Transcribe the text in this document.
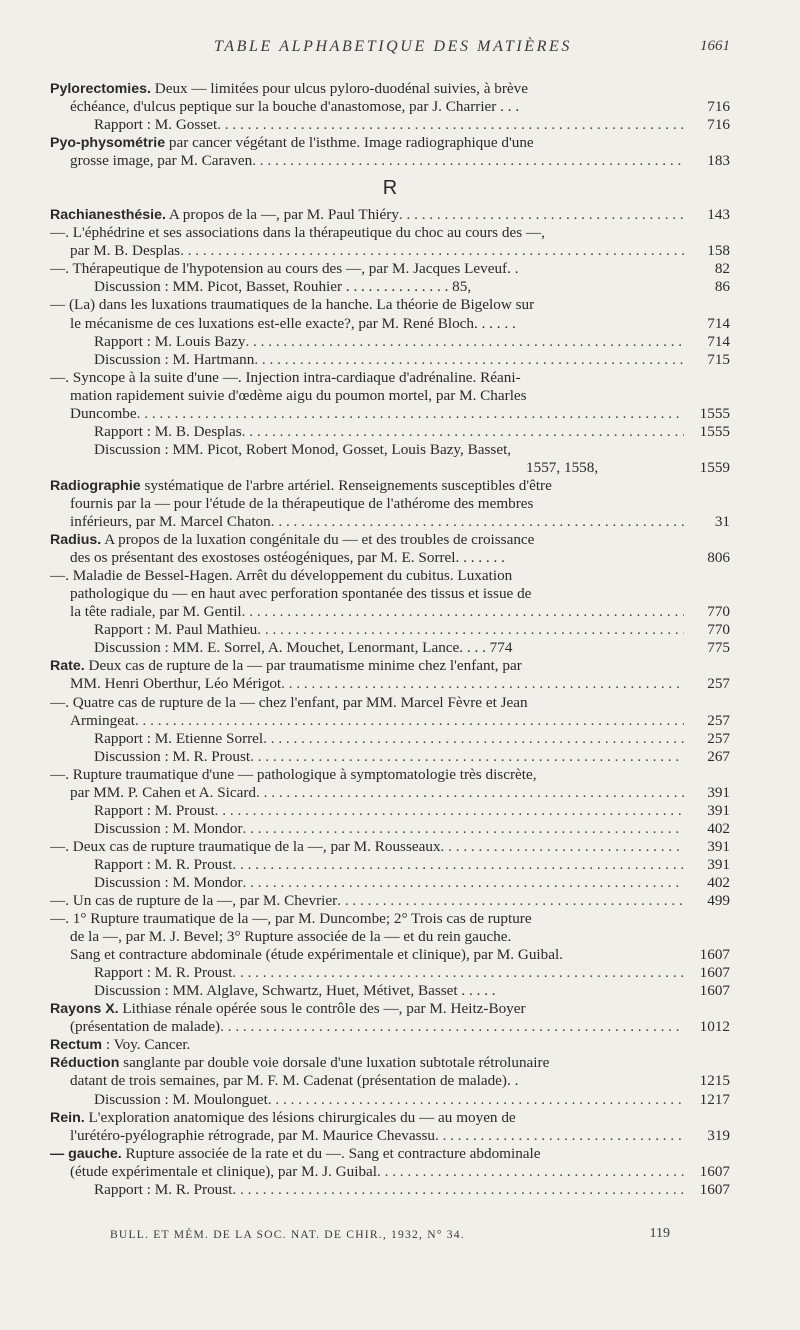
TABLE ALPHABETIQUE DES MATIÈRES	1661
Pylorectomies. Deux — limitées pour ulcus pyloro-duodénal suivies, à brève
échéance, d'ulcus peptique sur la bouche d'anastomose, par J. Charrier . . .	716
Rapport : M. Gosset . . .	716
Pyo-physométrie par cancer végétant de l'isthme. Image radiographique d'une
grosse image, par M. Caraven . . .	183
R
Rachianesthésie. A propos de la —, par M. Paul Thiéry . . .	143
—. L'éphédrine et ses associations dans la thérapeutique du choc au cours des —,
par M. B. Desplas . . .	158
—. Thérapeutique de l'hypotension au cours des —, par M. Jacques Leveuf. .	82
Discussion : MM. Picot, Basset, Rouhier . . . . . . . . . . . . . . 85,	86
— (La) dans les luxations traumatiques de la hanche. La théorie de Bigelow sur
le mécanisme de ces luxations est-elle exacte?, par M. René Bloch. . . . . .	714
Rapport : M. Louis Bazy . . .	714
Discussion : M. Hartmann . . .	715
—. Syncope à la suite d'une —. Injection intra-cardiaque d'adrénaline. Réani-
mation rapidement suivie d'œdème aigu du poumon mortel, par M. Charles
Duncombe . . .	1555
Rapport : M. B. Desplas . . .	1555
Discussion : MM. Picot, Robert Monod, Gosset, Louis Bazy, Basset,
1557, 1558,	1559
Radiographie systématique de l'arbre artériel. Renseignements susceptibles d'être
fournis par la — pour l'étude de la thérapeutique de l'athérome des membres
inférieurs, par M. Marcel Chaton . . .	31
Radius. A propos de la luxation congénitale du — et des troubles de croissance
des os présentant des exostoses ostéogéniques, par M. E. Sorrel. . . . . . .	806
—. Maladie de Bessel-Hagen. Arrêt du développement du cubitus. Luxation
pathologique du — en haut avec perforation spontanée des tissus et issue de
la tête radiale, par M. Gentil . . .	770
Rapport : M. Paul Mathieu . . .	770
Discussion : MM. E. Sorrel, A. Mouchet, Lenormant, Lance. . . . 774	775
Rate. Deux cas de rupture de la — par traumatisme minime chez l'enfant, par
MM. Henri Oberthur, Léo Mérigot . . .	257
—. Quatre cas de rupture de la — chez l'enfant, par MM. Marcel Fèvre et Jean
Armingeat . . .	257
Rapport : M. Etienne Sorrel . . .	257
Discussion : M. R. Proust . . .	267
—. Rupture traumatique d'une — pathologique à symptomatologie très discrète,
par MM. P. Cahen et A. Sicard . . .	391
Rapport : M. Proust . . .	391
Discussion : M. Mondor . . .	402
—. Deux cas de rupture traumatique de la —, par M. Rousseaux . . .	391
Rapport : M. R. Proust . . .	391
Discussion : M. Mondor . . .	402
—. Un cas de rupture de la —, par M. Chevrier . . .	499
—. 1° Rupture traumatique de la —, par M. Duncombe; 2° Trois cas de rupture
de la —, par M. J. Bevel; 3° Rupture associée de la — et du rein gauche.
Sang et contracture abdominale (étude expérimentale et clinique), par M. Guibal.	1607
Rapport : M. R. Proust . . .	1607
Discussion : MM. Alglave, Schwartz, Huet, Métivet, Basset . . . . .	1607
Rayons X. Lithiase rénale opérée sous le contrôle des —, par M. Heitz-Boyer
(présentation de malade) . . .	1012
Rectum : Voy. Cancer.
Réduction sanglante par double voie dorsale d'une luxation subtotale rétrolunaire
datant de trois semaines, par M. F. M. Cadenat (présentation de malade). .	1215
Discussion : M. Moulonguet . . .	1217
Rein. L'exploration anatomique des lésions chirurgicales du — au moyen de
l'urétéro-pyélographie rétrograde, par M. Maurice Chevassu . . .	319
— gauche. Rupture associée de la rate et du —. Sang et contracture abdominale
(étude expérimentale et clinique), par M. J. Guibal . . .	1607
Rapport : M. R. Proust . . .	1607
BULL. ET MÉM. DE LA SOC. NAT. DE CHIR., 1932, N° 34.	119
